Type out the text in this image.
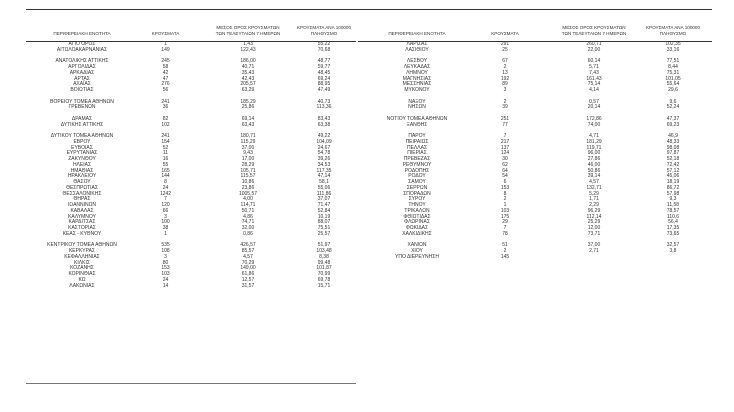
ΠΕΡΙΦΕΡΕΙΑΚΗ ΕΝΟΤΗΤΑ	ΚΡΟΥΣΜΑΤΑ
ΜΕΣΟΣ ΟΡΟΣ ΚΡΟΥΣΜΑΤΩΝ
ΤΩΝ ΤΕΛΕΥΤΑΙΩΝ 7 ΗΜΕΡΩΝ
ΚΡΟΥΣΜΑΤΑ ΑΝΑ 100000
ΠΛΗΘΥΣΜΟ
ΑΓΙΟ ΟΡΟΣ	1	1,43	55,22
ΑΙΤΩΛΟΑΚΑΡΝΑΝΙΑΣ	149	122,43	70,68
ΑΝΑΤΟΛΙΚΗΣ ΑΤΤΙΚΗΣ	245	186,00	48,77
ΑΡΓΟΛΙΔΑΣ	58	40,71	59,77
ΑΡΚΑΔΙΑΣ	42	35,43	48,45
ΑΡΤΑΣ	47	42,43	69,24
ΑΧΑΪΑΣ	276	205,57	88,95
ΒΟΙΩΤΙΑΣ	56	63,29	47,49
ΒΟΡΕΙΟΥ ΤΟΜΕΑ ΑΘΗΝΩΝ	241	185,29	40,73
ΓΡΕΒΕΝΩΝ	36	25,86	113,36
ΔΡΑΜΑΣ	82	69,14	83,43
ΔΥΤΙΚΗΣ ΑΤΤΙΚΗΣ	102	63,43	63,38
ΔΥΤΙΚΟΥ ΤΟΜΕΑ ΑΘΗΝΩΝ	241	180,71	49,22
ΕΒΡΟΥ	154	115,29	104,09
ΕΥΒΟΙΑΣ	52	37,00	24,67
ΕΥΡΥΤΑΝΙΑΣ	11	9,43	54,78
ΖΑΚΥΝΘΟΥ	16	17,00	39,26
ΗΛΕΙΑΣ	55	28,29	34,53
ΗΜΑΘΙΑΣ	165	105,71	117,35
ΗΡΑΚΛΕΙΟΥ	144	115,57	47,14
ΘΑΣΟΥ	8	10,86	58,1
ΘΕΣΠΡΩΤΙΑΣ	24	23,86	55,06
ΘΕΣΣΑΛΟΝΙΚΗΣ	1242	1005,57	111,86
ΘΗΡΑΣ	7	4,00	37,07
ΙΩΑΝΝΙΝΩΝ	120	114,71	71,47
ΚΑΒΑΛΑΣ	66	50,71	52,84
ΚΑΛΥΜΝΟΥ	3	4,86	10,19
ΚΑΡΔΙΤΣΑΣ	100	74,71	88,07
ΚΑΣΤΟΡΙΑΣ	38	32,00	75,51
ΚΕΑΣ - ΚΥΘΝΟΥ	1	0,86	25,57
ΚΕΝΤΡΙΚΟΥ ΤΟΜΕΑ ΑΘΗΝΩΝ	535	426,57	51,97
ΚΕΡΚΥΡΑΣ	108	85,57	103,48
ΚΕΦΑΛΛΗΝΙΑΣ	3	4,57	8,38
ΚΙΛΚΙΣ	80	70,29	99,48
ΚΟΖΑΝΗΣ	153	149,00	101,87
ΚΟΡΙΝΘΙΑΣ	103	61,86	70,99
ΚΩ	24	12,57	69,78
ΛΑΚΩΝΙΑΣ	14	31,57	15,71
ΠΕΡΙΦΕΡΕΙΑΚΗ ΕΝΟΤΗΤΑ	ΚΡΟΥΣΜΑΤΑ
ΜΕΣΟΣ ΟΡΟΣ ΚΡΟΥΣΜΑΤΩΝ
ΤΩΝ ΤΕΛΕΥΤΑΙΩΝ 7 ΗΜΕΡΩΝ
ΚΡΟΥΣΜΑΤΑ ΑΝΑ 100000
ΠΛΗΘΥΣΜΟ
ΛΑΡΙΣΑΣ	291	260,71	102,35
ΛΑΣΙΘΙΟΥ	25	22,00	33,16
ΛΕΣΒΟΥ	67	60,14	77,51
ΛΕΥΚΑΔΑΣ	2	5,71	8,44
ΛΗΜΝΟΥ	13	7,43	75,31
ΜΑΓΝΗΣΙΑΣ	192	161,43	101,05
ΜΕΣΣΗΝΙΑΣ	89	75,14	55,64
ΜΥΚΟΝΟΥ	3	4,14	29,6
ΝΑΞΟΥ	2	0,57	9,6
ΝΗΣΩΝ	39	20,14	52,24
ΝΟΤΙΟΥ ΤΟΜΕΑ ΑΘΗΝΩΝ	251	172,86	47,37
ΞΑΝΘΗΣ	77	74,00	69,23
ΠΑΡΟΥ	7	4,71	46,9
ΠΕΙΡΑΙΩΣ	217	181,29	48,33
ΠΕΛΛΑΣ	137	119,71	98,08
ΠΙΕΡΙΑΣ	124	96,00	97,87
ΠΡΕΒΕΖΑΣ	30	27,86	52,18
ΡΕΘΥΜΝΟΥ	62	46,00	72,42
ΡΟΔΟΠΗΣ	64	50,86	57,12
ΡΟΔΟΥ	54	39,14	45,06
ΣΑΜΟΥ	6	4,57	18,19
ΣΕΡΡΩΝ	153	132,71	86,72
ΣΠΟΡΑΔΩΝ	8	5,29	57,98
ΣΥΡΟΥ	2	1,71	9,3
ΤΗΝΟΥ	1	2,29	11,58
ΤΡΙΚΑΛΩΝ	103	96,29	78,57
ΦΘΙΩΤΙΔΑΣ	175	112,14	110,6
ΦΛΩΡΙΝΑΣ	29	25,29	56,4
ΦΩΚΙΔΑΣ	7	12,00	17,35
ΧΑΛΚΙΔΙΚΗΣ	78	73,71	73,65
ΧΑΝΙΩΝ	51	37,00	32,57
ΧΙΟΥ	2	2,71	3,8
ΥΠΟ ΔΙΕΡΕΥΝΗΣΗ	145
